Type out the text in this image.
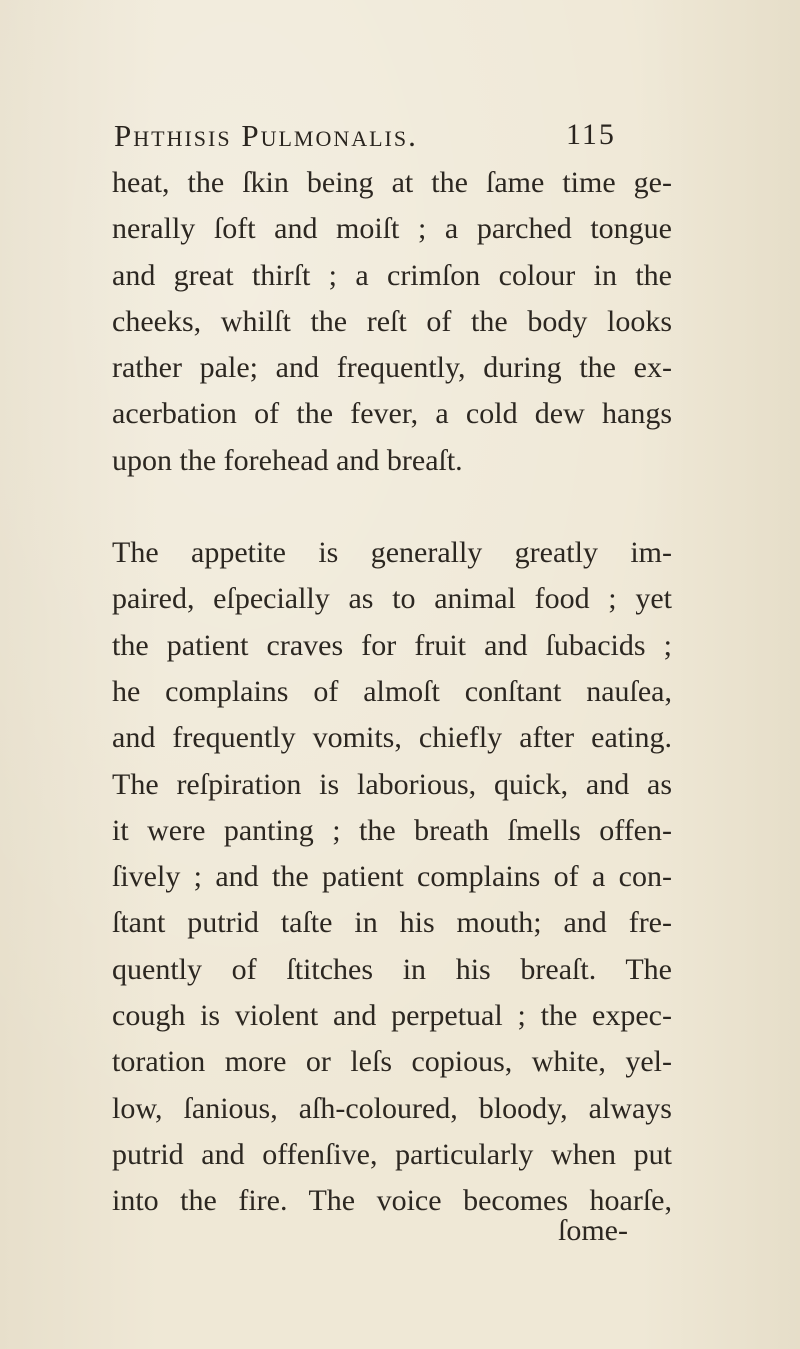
Phthisis Pulmonalis.	115
heat, the ſkin being at the ſame time ge-
nerally ſoft and moiſt ; a parched tongue
and great thirſt ; a crimſon colour in the
cheeks, whilſt the reſt of the body looks
rather pale; and frequently, during the ex-
acerbation of the fever, a cold dew hangs
upon the forehead and breaſt.
The appetite is generally greatly im-
paired, eſpecially as to animal food ; yet
the patient craves for fruit and ſubacids ;
he complains of almoſt conſtant nauſea,
and frequently vomits, chiefly after eating.
The reſpiration is laborious, quick, and as
it were panting ; the breath ſmells offen-
ſively ; and the patient complains of a con-
ſtant putrid taſte in his mouth; and fre-
quently of ſtitches in his breaſt. The
cough is violent and perpetual ; the expec-
toration more or leſs copious, white, yel-
low, ſanious, aſh-coloured, bloody, always
putrid and offenſive, particularly when put
into the fire. The voice becomes hoarſe,
ſome-
